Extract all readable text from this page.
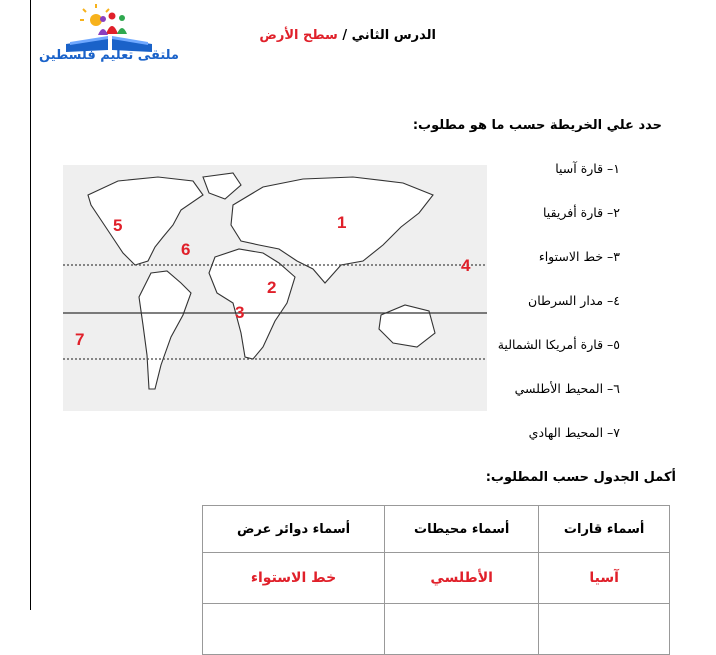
ملتقى تعليم فلسطين
الدرس الثاني / سطح الأرض
حدد علي الخريطة حسب ما هو مطلوب:
1
2
3
4
5
6
7
١– قارة آسيا
٢– قارة أفريقيا
٣– خط الاستواء
٤– مدار السرطان
٥– قارة أمريكا الشمالية
٦– المحيط الأطلسي
٧– المحيط الهادي
أكمل الجدول حسب المطلوب:
أسماء قارات	أسماء محيطات	أسماء دوائر عرض
آسيا	الأطلسي	خط الاستواء
